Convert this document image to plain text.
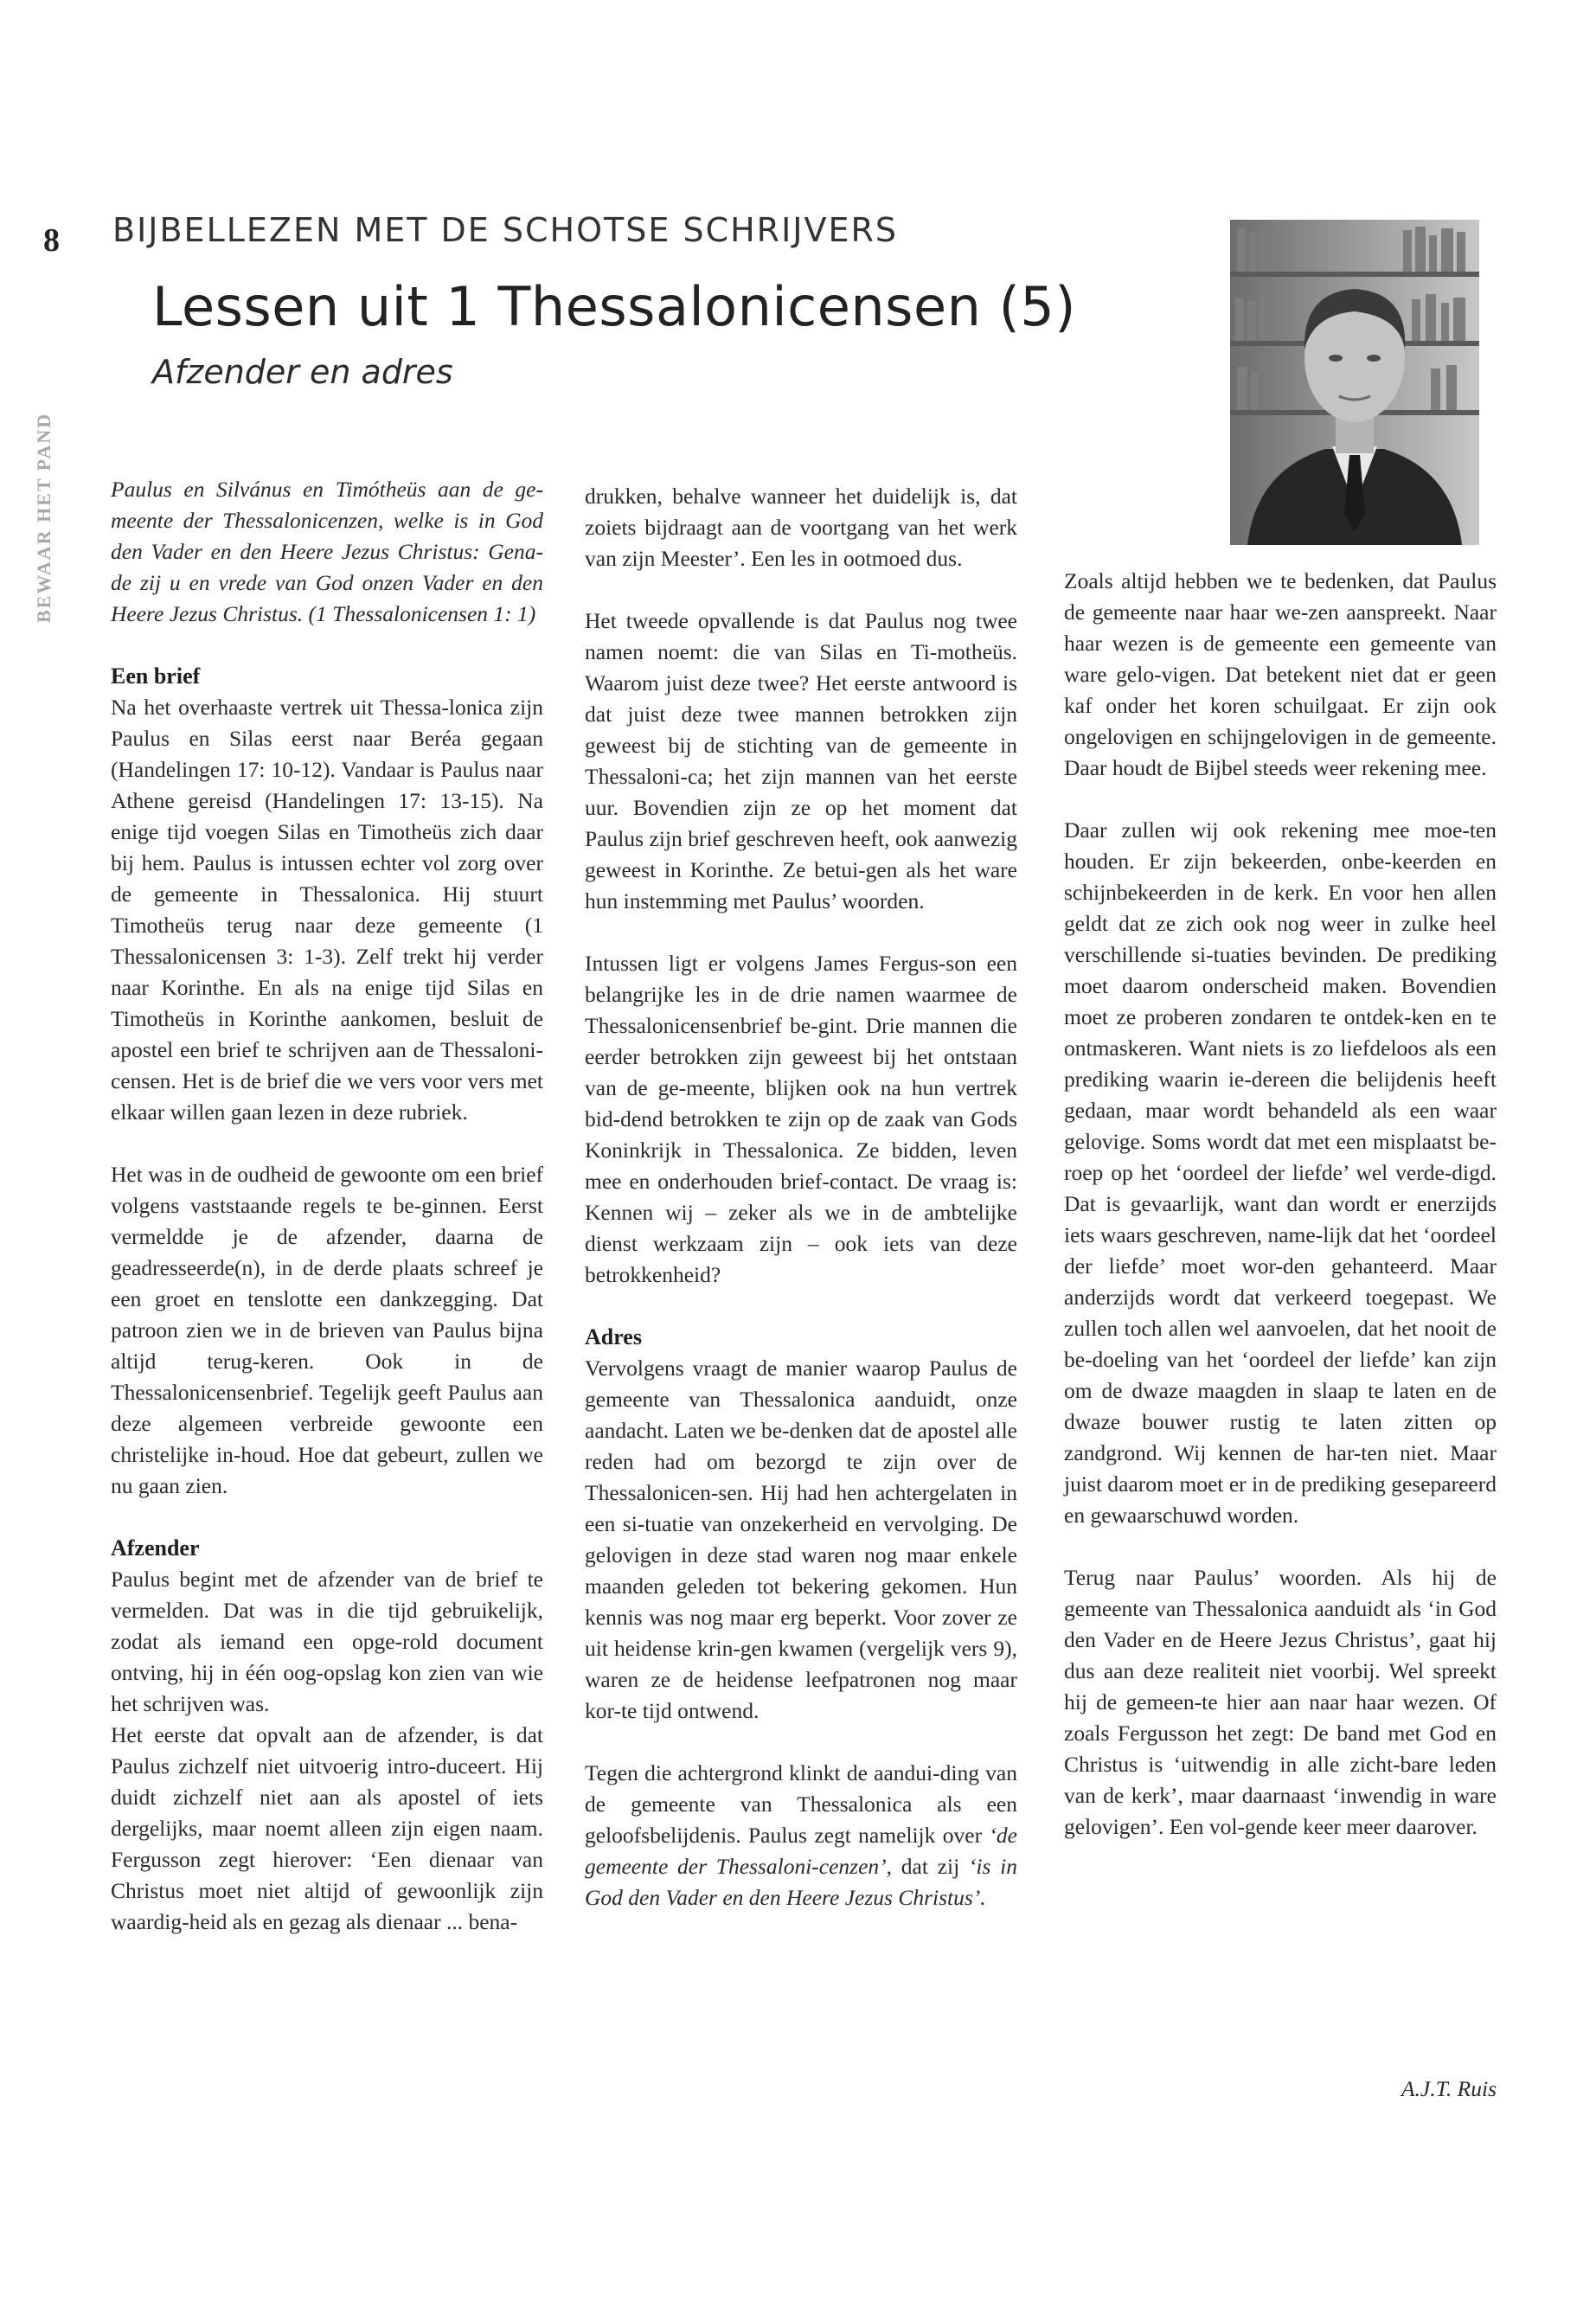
8
BEWAAR HET PAND
BIJBELLEZEN MET DE SCHOTSE SCHRIJVERS
Lessen uit 1 Thessalonicensen (5)
Afzender en adres

Paulus en Silvánus en Timótheüs aan de ge-meente der Thessalonicenzen, welke is in God den Vader en den Heere Jezus Christus: Gena-de zij u en vrede van God onzen Vader en den Heere Jezus Christus. (1 Thessalonicensen 1: 1)

Een brief

Na het overhaaste vertrek uit Thessa-lonica zijn Paulus en Silas eerst naar Beréa gegaan (Handelingen 17: 10-12). Vandaar is Paulus naar Athene gereisd (Handelingen 17: 13-15). Na enige tijd voegen Silas en Timotheüs zich daar bij hem. Paulus is intussen echter vol zorg over de gemeente in Thessalonica. Hij stuurt Timotheüs terug naar deze gemeente (1 Thessalonicensen 3: 1-3). Zelf trekt hij verder naar Korinthe. En als na enige tijd Silas en Timotheüs in Korinthe aankomen, besluit de apostel een brief te schrijven aan de Thessaloni-censen. Het is de brief die we vers voor vers met elkaar willen gaan lezen in deze rubriek.

Het was in de oudheid de gewoonte om een brief volgens vaststaande regels te be-ginnen. Eerst vermeldde je de afzender, daarna de geadresseerde(n), in de derde plaats schreef je een groet en tenslotte een dankzegging. Dat patroon zien we in de brieven van Paulus bijna altijd terug-keren. Ook in de Thessalonicensenbrief. Tegelijk geeft Paulus aan deze algemeen verbreide gewoonte een christelijke in-houd. Hoe dat gebeurt, zullen we nu gaan zien.

Afzender

Paulus begint met de afzender van de brief te vermelden. Dat was in die tijd gebruikelijk, zodat als iemand een opge-rold document ontving, hij in één oog-opslag kon zien van wie het schrijven was.

Het eerste dat opvalt aan de afzender, is dat Paulus zichzelf niet uitvoerig intro-duceert. Hij duidt zichzelf niet aan als apostel of iets dergelijks, maar noemt alleen zijn eigen naam. Fergusson zegt hierover: ‘Een dienaar van Christus moet niet altijd of gewoonlijk zijn waardig-heid als en gezag als dienaar ... bena-

drukken, behalve wanneer het duidelijk is, dat zoiets bijdraagt aan de voortgang van het werk van zijn Meester’. Een les in ootmoed dus.

Het tweede opvallende is dat Paulus nog twee namen noemt: die van Silas en Ti-motheüs. Waarom juist deze twee? Het eerste antwoord is dat juist deze twee mannen betrokken zijn geweest bij de stichting van de gemeente in Thessaloni-ca; het zijn mannen van het eerste uur. Bovendien zijn ze op het moment dat Paulus zijn brief geschreven heeft, ook aanwezig geweest in Korinthe. Ze betui-gen als het ware hun instemming met Paulus’ woorden.

Intussen ligt er volgens James Fergus-son een belangrijke les in de drie namen waarmee de Thessalonicensenbrief be-gint. Drie mannen die eerder betrokken zijn geweest bij het ontstaan van de ge-meente, blijken ook na hun vertrek bid-dend betrokken te zijn op de zaak van Gods Koninkrijk in Thessalonica. Ze bidden, leven mee en onderhouden brief-contact. De vraag is: Kennen wij – zeker als we in de ambtelijke dienst werkzaam zijn – ook iets van deze betrokkenheid?

Adres

Vervolgens vraagt de manier waarop Paulus de gemeente van Thessalonica aanduidt, onze aandacht. Laten we be-denken dat de apostel alle reden had om bezorgd te zijn over de Thessalonicen-sen. Hij had hen achtergelaten in een si-tuatie van onzekerheid en vervolging. De gelovigen in deze stad waren nog maar enkele maanden geleden tot bekering gekomen. Hun kennis was nog maar erg beperkt. Voor zover ze uit heidense krin-gen kwamen (vergelijk vers 9), waren ze de heidense leefpatronen nog maar kor-te tijd ontwend.

Tegen die achtergrond klinkt de aandui-ding van de gemeente van Thessalonica als een geloofsbelijdenis. Paulus zegt namelijk over ‘de gemeente der Thessaloni-cenzen’, dat zij ‘is in God den Vader en den Heere Jezus Christus’.

Zoals altijd hebben we te bedenken, dat Paulus de gemeente naar haar we-zen aanspreekt. Naar haar wezen is de gemeente een gemeente van ware gelo-vigen. Dat betekent niet dat er geen kaf onder het koren schuilgaat. Er zijn ook ongelovigen en schijngelovigen in de gemeente. Daar houdt de Bijbel steeds weer rekening mee.

Daar zullen wij ook rekening mee moe-ten houden. Er zijn bekeerden, onbe-keerden en schijnbekeerden in de kerk. En voor hen allen geldt dat ze zich ook nog weer in zulke heel verschillende si-tuaties bevinden. De prediking moet daarom onderscheid maken. Bovendien moet ze proberen zondaren te ontdek-ken en te ontmaskeren. Want niets is zo liefdeloos als een prediking waarin ie-dereen die belijdenis heeft gedaan, maar wordt behandeld als een waar gelovige. Soms wordt dat met een misplaatst be-roep op het ‘oordeel der liefde’ wel verde-digd. Dat is gevaarlijk, want dan wordt er enerzijds iets waars geschreven, name-lijk dat het ‘oordeel der liefde’ moet wor-den gehanteerd. Maar anderzijds wordt dat verkeerd toegepast. We zullen toch allen wel aanvoelen, dat het nooit de be-doeling van het ‘oordeel der liefde’ kan zijn om de dwaze maagden in slaap te laten en de dwaze bouwer rustig te laten zitten op zandgrond. Wij kennen de har-ten niet. Maar juist daarom moet er in de prediking gesepareerd en gewaarschuwd worden.

Terug naar Paulus’ woorden. Als hij de gemeente van Thessalonica aanduidt als ‘in God den Vader en de Heere Jezus Christus’, gaat hij dus aan deze realiteit niet voorbij. Wel spreekt hij de gemeen-te hier aan naar haar wezen. Of zoals Fergusson het zegt: De band met God en Christus is ‘uitwendig in alle zicht-bare leden van de kerk’, maar daarnaast ‘inwendig in ware gelovigen’. Een vol-gende keer meer daarover.

A.J.T. Ruis
